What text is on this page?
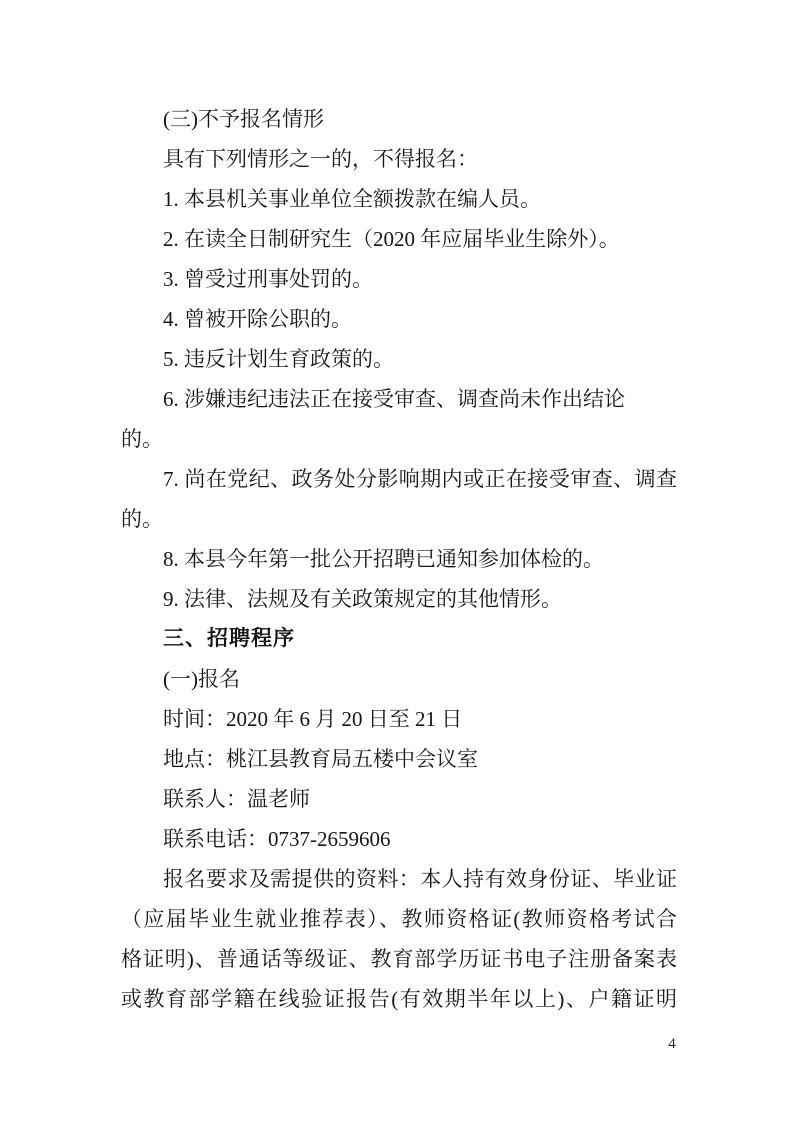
(三)不予报名情形
具有下列情形之一的，不得报名：
1. 本县机关事业单位全额拨款在编人员。
2. 在读全日制研究生（2020 年应届毕业生除外）。
3. 曾受过刑事处罚的。
4. 曾被开除公职的。
5. 违反计划生育政策的。
6. 涉嫌违纪违法正在接受审查、调查尚未作出结论
的。
7. 尚在党纪、政务处分影响期内或正在接受审查、调查
的。
8. 本县今年第一批公开招聘已通知参加体检的。
9. 法律、法规及有关政策规定的其他情形。
三、招聘程序
(一)报名
时间：2020 年 6 月 20 日至 21 日
地点：桃江县教育局五楼中会议室
联系人：温老师
联系电话：0737-2659606
报名要求及需提供的资料：本人持有效身份证、毕业证
（应届毕业生就业推荐表）、教师资格证(教师资格考试合
格证明)、普通话等级证、教育部学历证书电子注册备案表
或教育部学籍在线验证报告(有效期半年以上)、户籍证明
4
